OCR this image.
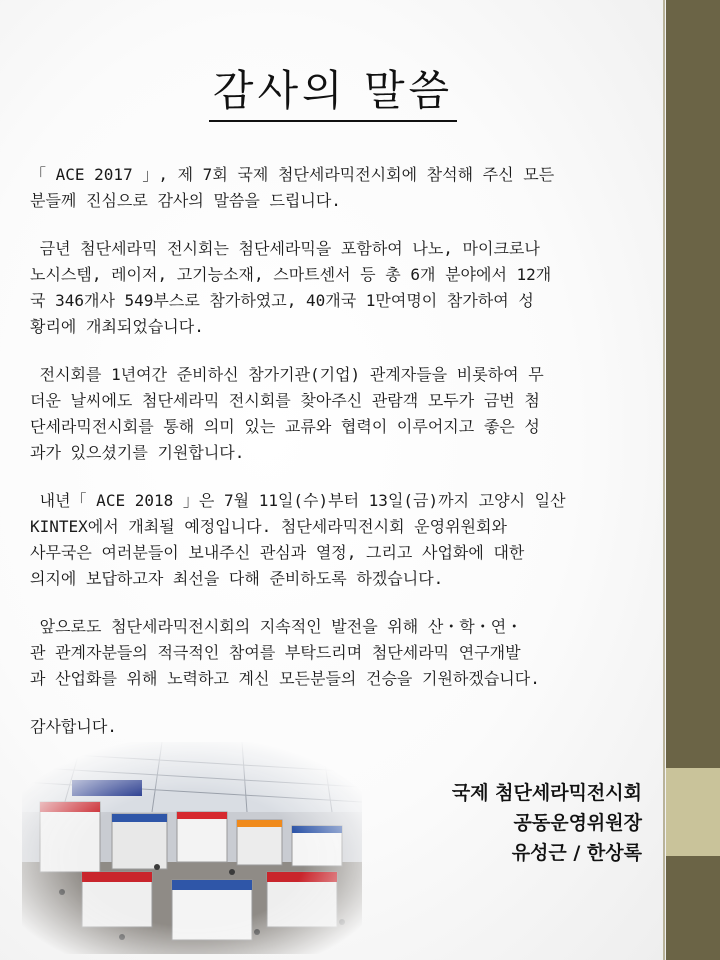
감사의 말씀

「 ACE 2017 」, 제 7회 국제 첨단세라믹전시회에 참석해 주신 모든
분들께 진심으로 감사의 말씀을 드립니다.

금년 첨단세라믹 전시회는 첨단세라믹을 포함하여 나노, 마이크로나
노시스템, 레이저, 고기능소재, 스마트센서 등 총 6개 분야에서 12개
국 346개사 549부스로 참가하였고, 40개국 1만여명이 참가하여 성
황리에 개최되었습니다.

전시회를 1년여간 준비하신 참가기관(기업) 관계자들을 비롯하여 무
더운 날씨에도 첨단세라믹 전시회를 찾아주신 관람객 모두가 금번 첨
단세라믹전시회를 통해 의미 있는 교류와 협력이 이루어지고 좋은 성
과가 있으셨기를 기원합니다.

내년「 ACE 2018 」은 7월 11일(수)부터 13일(금)까지 고양시 일산
KINTEX에서 개최될 예정입니다. 첨단세라믹전시회 운영위원회와
사무국은 여러분들이 보내주신 관심과 열정, 그리고 사업화에 대한
의지에 보답하고자 최선을 다해 준비하도록 하겠습니다.

앞으로도 첨단세라믹전시회의 지속적인 발전을 위해 산・학・연・
관 관계자분들의 적극적인 참여를 부탁드리며 첨단세라믹 연구개발
과 산업화를 위해 노력하고 계신 모든분들의 건승을 기원하겠습니다.

감사합니다.

국제 첨단세라믹전시회
공동운영위원장
유성근 / 한상록
